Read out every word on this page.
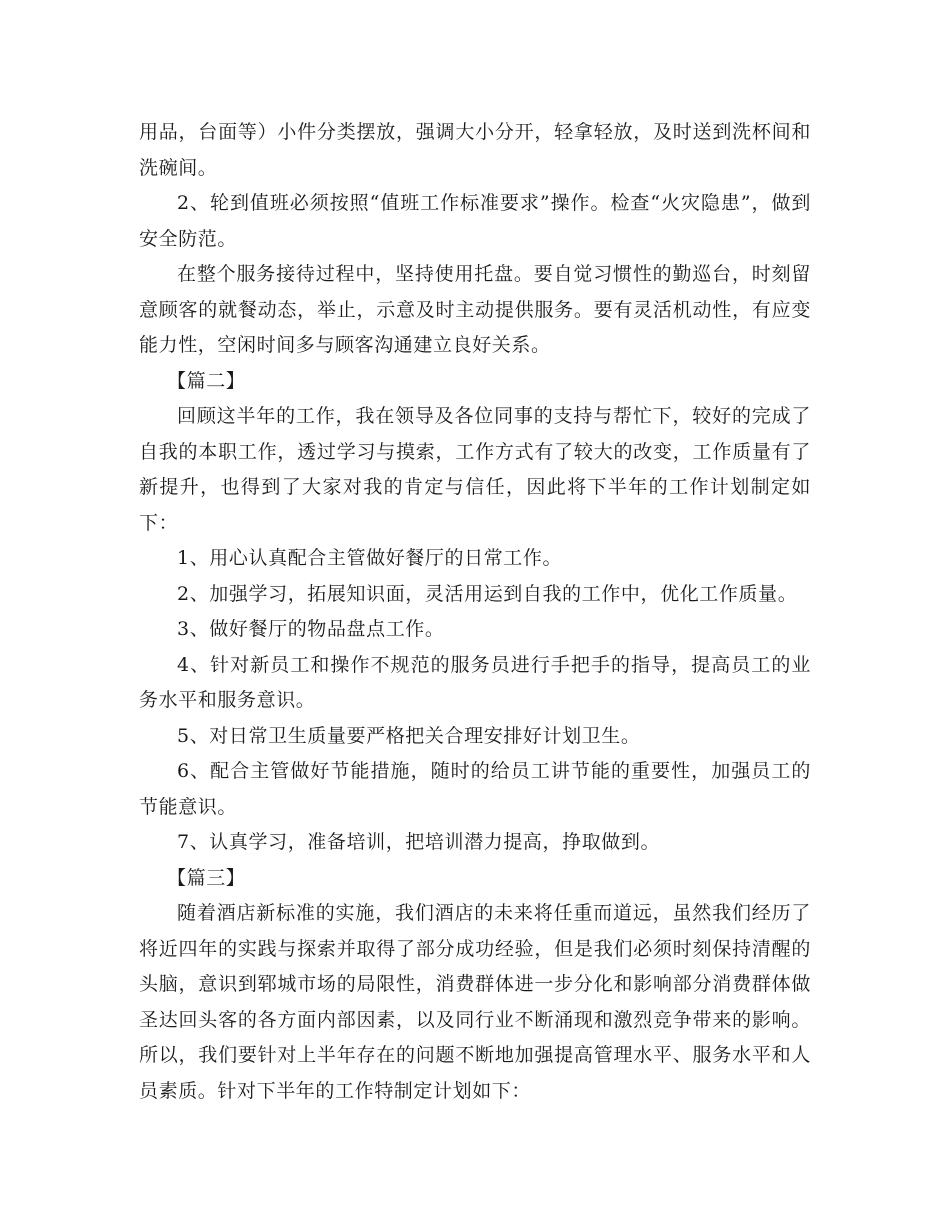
用品，台面等）小件分类摆放，强调大小分开，轻拿轻放，及时送到洗杯间和洗碗间。

2、轮到值班必须按照“值班工作标准要求”操作。检查“火灾隐患”，做到安全防范。

在整个服务接待过程中，坚持使用托盘。要自觉习惯性的勤巡台，时刻留意顾客的就餐动态，举止，示意及时主动提供服务。要有灵活机动性，有应变能力性，空闲时间多与顾客沟通建立良好关系。

【篇二】

回顾这半年的工作，我在领导及各位同事的支持与帮忙下，较好的完成了自我的本职工作，透过学习与摸索，工作方式有了较大的改变，工作质量有了新提升，也得到了大家对我的肯定与信任，因此将下半年的工作计划制定如下：

1、用心认真配合主管做好餐厅的日常工作。

2、加强学习，拓展知识面，灵活用运到自我的工作中，优化工作质量。

3、做好餐厅的物品盘点工作。

4、针对新员工和操作不规范的服务员进行手把手的指导，提高员工的业务水平和服务意识。

5、对日常卫生质量要严格把关合理安排好计划卫生。

6、配合主管做好节能措施，随时的给员工讲节能的重要性，加强员工的节能意识。

7、认真学习，准备培训，把培训潜力提高，挣取做到。

【篇三】

随着酒店新标准的实施，我们酒店的未来将任重而道远，虽然我们经历了将近四年的实践与探索并取得了部分成功经验，但是我们必须时刻保持清醒的头脑，意识到郓城市场的局限性，消费群体进一步分化和影响部分消费群体做圣达回头客的各方面内部因素，以及同行业不断涌现和激烈竞争带来的影响。所以，我们要针对上半年存在的问题不断地加强提高管理水平、服务水平和人员素质。针对下半年的工作特制定计划如下：
